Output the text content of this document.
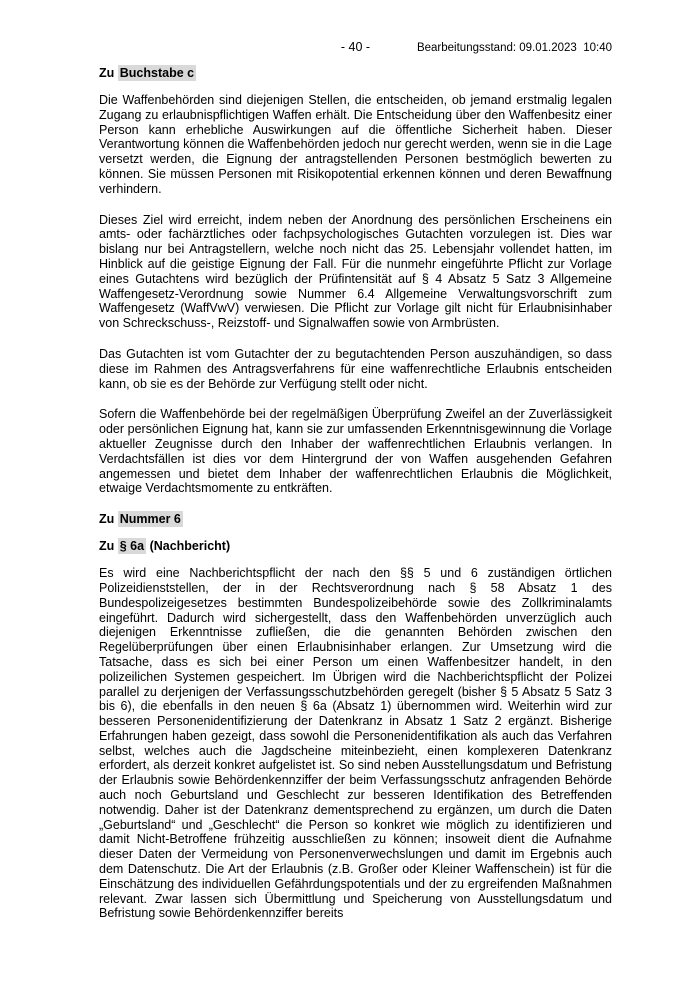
- 40 -	Bearbeitungsstand: 09.01.2023  10:40
Zu Buchstabe c

Die Waffenbehörden sind diejenigen Stellen, die entscheiden, ob jemand erstmalig legalen Zugang zu erlaubnispflichtigen Waffen erhält. Die Entscheidung über den Waffenbesitz einer Person kann erhebliche Auswirkungen auf die öffentliche Sicherheit haben. Dieser Verantwortung können die Waffenbehörden jedoch nur gerecht werden, wenn sie in die Lage versetzt werden, die Eignung der antragstellenden Personen bestmöglich bewerten zu können. Sie müssen Personen mit Risikopotential erkennen können und deren Bewaffnung verhindern.

Dieses Ziel wird erreicht, indem neben der Anordnung des persönlichen Erscheinens ein amts- oder fachärztliches oder fachpsychologisches Gutachten vorzulegen ist. Dies war bislang nur bei Antragstellern, welche noch nicht das 25. Lebensjahr vollendet hatten, im Hinblick auf die geistige Eignung der Fall. Für die nunmehr eingeführte Pflicht zur Vorlage eines Gutachtens wird bezüglich der Prüfintensität auf § 4 Absatz 5 Satz 3 Allgemeine Waffengesetz-Verordnung sowie Nummer 6.4 Allgemeine Verwaltungsvorschrift zum Waffengesetz (WaffVwV) verwiesen. Die Pflicht zur Vorlage gilt nicht für Erlaubnisinhaber von Schreckschuss-, Reizstoff- und Signalwaffen sowie von Armbrüsten.

Das Gutachten ist vom Gutachter der zu begutachtenden Person auszuhändigen, so dass diese im Rahmen des Antragsverfahrens für eine waffenrechtliche Erlaubnis entscheiden kann, ob sie es der Behörde zur Verfügung stellt oder nicht.

Sofern die Waffenbehörde bei der regelmäßigen Überprüfung Zweifel an der Zuverlässigkeit oder persönlichen Eignung hat, kann sie zur umfassenden Erkenntnisgewinnung die Vorlage aktueller Zeugnisse durch den Inhaber der waffenrechtlichen Erlaubnis verlangen. In Verdachtsfällen ist dies vor dem Hintergrund der von Waffen ausgehenden Gefahren angemessen und bietet dem Inhaber der waffenrechtlichen Erlaubnis die Möglichkeit, etwaige Verdachtsmomente zu entkräften.

Zu Nummer 6
Zu § 6a (Nachbericht)

Es wird eine Nachberichtspflicht der nach den §§ 5 und 6 zuständigen örtlichen Polizeidienststellen, der in der Rechtsverordnung nach § 58 Absatz 1 des Bundespolizeigesetzes bestimmten Bundespolizeibehörde sowie des Zollkriminalamts eingeführt. Dadurch wird sichergestellt, dass den Waffenbehörden unverzüglich auch diejenigen Erkenntnisse zufließen, die die genannten Behörden zwischen den Regelüberprüfungen über einen Erlaubnisinhaber erlangen. Zur Umsetzung wird die Tatsache, dass es sich bei einer Person um einen Waffenbesitzer handelt, in den polizeilichen Systemen gespeichert. Im Übrigen wird die Nachberichtspflicht der Polizei parallel zu derjenigen der Verfassungsschutzbehörden geregelt (bisher § 5 Absatz 5 Satz 3 bis 6), die ebenfalls in den neuen § 6a (Absatz 1) übernommen wird. Weiterhin wird zur besseren Personenidentifizierung der Datenkranz in Absatz 1 Satz 2 ergänzt. Bisherige Erfahrungen haben gezeigt, dass sowohl die Personenidentifikation als auch das Verfahren selbst, welches auch die Jagdscheine miteinbezieht, einen komplexeren Datenkranz erfordert, als derzeit konkret aufgelistet ist. So sind neben Ausstellungsdatum und Befristung der Erlaubnis sowie Behördenkennziffer der beim Verfassungsschutz anfragenden Behörde auch noch Geburtsland und Geschlecht zur besseren Identifikation des Betreffenden notwendig. Daher ist der Datenkranz dementsprechend zu ergänzen, um durch die Daten „Geburtsland“ und „Geschlecht“ die Person so konkret wie möglich zu identifizieren und damit Nicht-Betroffene frühzeitig ausschließen zu können; insoweit dient die Aufnahme dieser Daten der Vermeidung von Personenverwechslungen und damit im Ergebnis auch dem Datenschutz. Die Art der Erlaubnis (z.B. Großer oder Kleiner Waffenschein) ist für die Einschätzung des individuellen Gefährdungspotentials und der zu ergreifenden Maßnahmen relevant. Zwar lassen sich Übermittlung und Speicherung von Ausstellungsdatum und Befristung sowie Behördenkennziffer bereits
